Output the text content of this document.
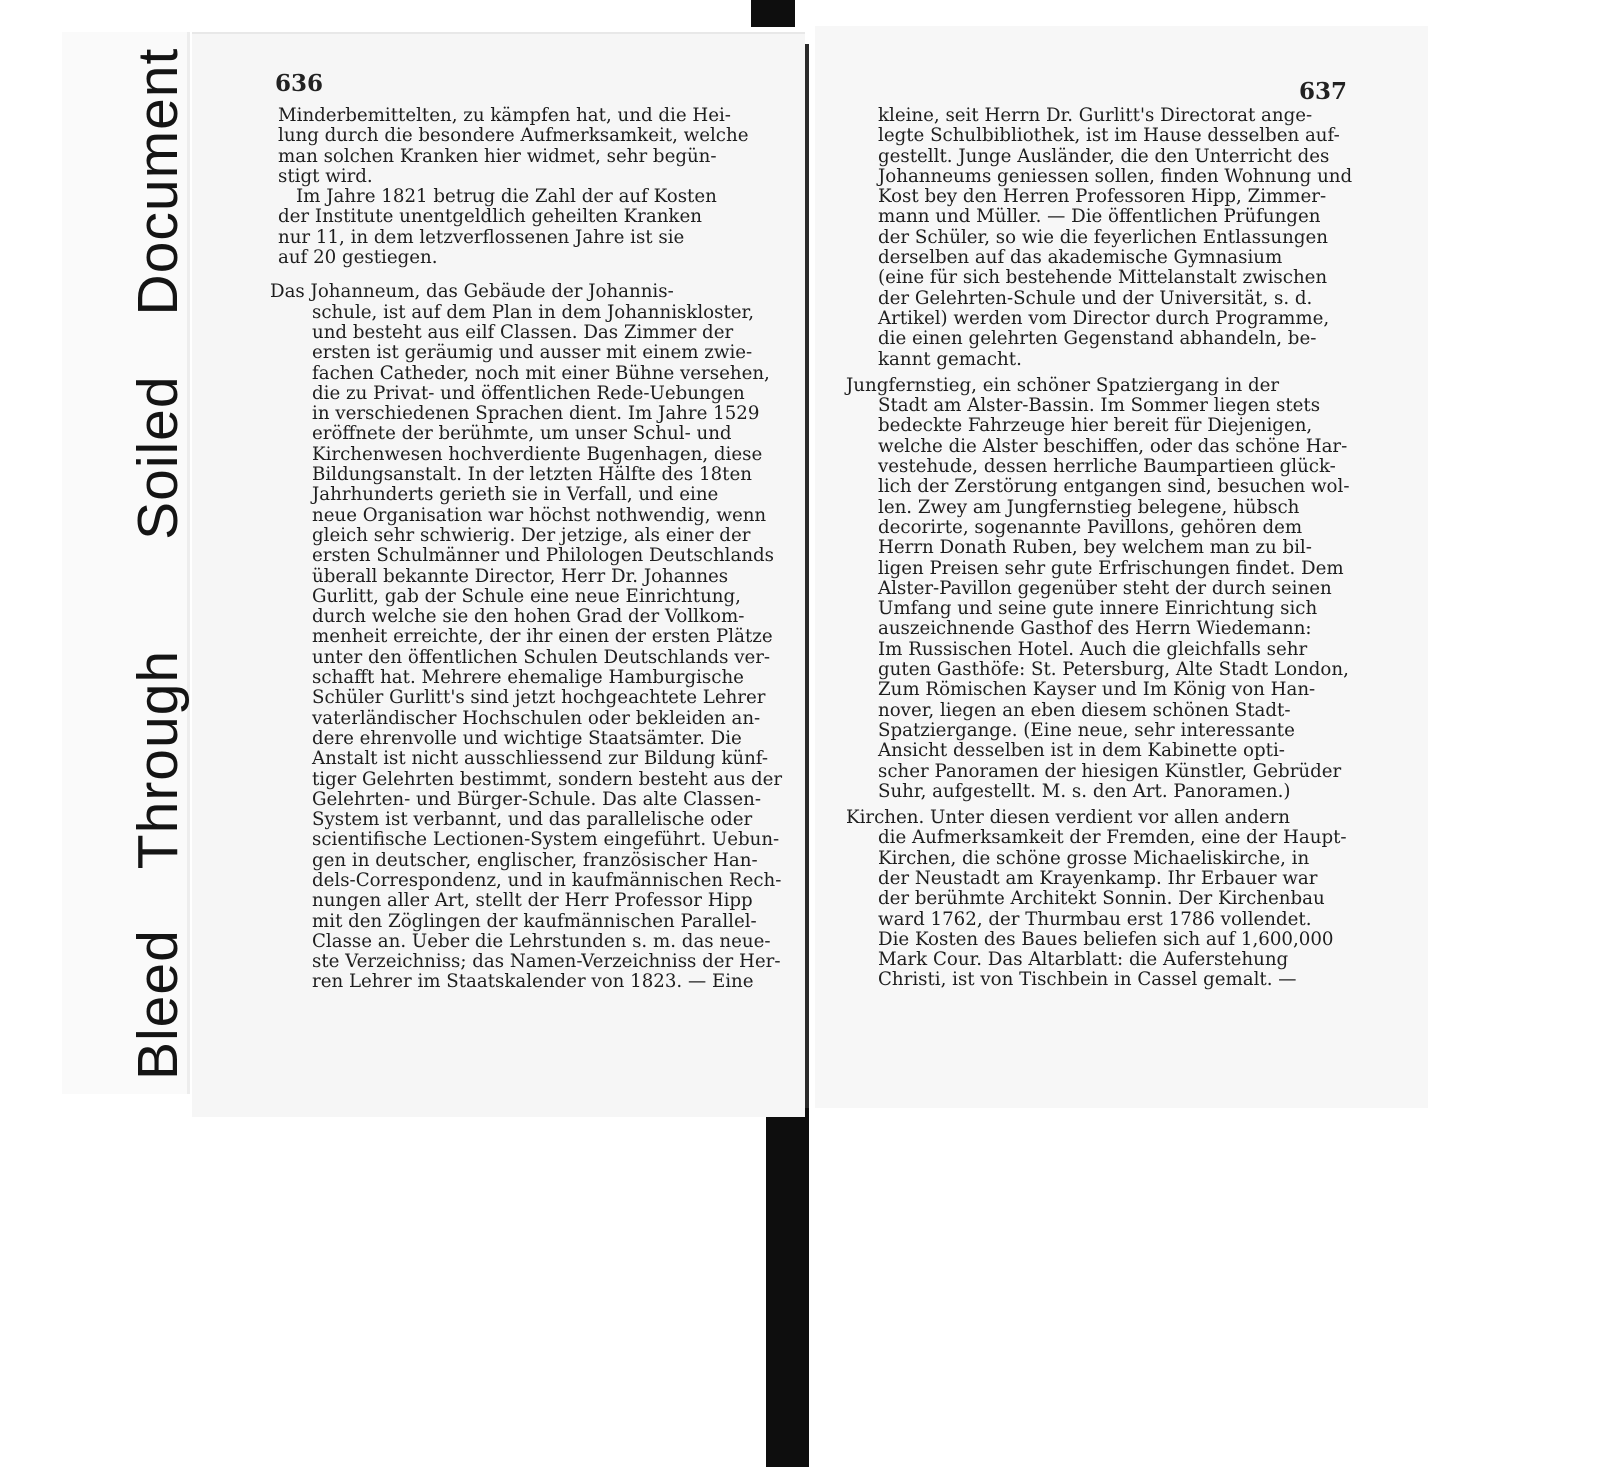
BleedThroughSoiledDocument	636	637
Minderbemittelten, zu kämpfen hat, und die Hei-
lung durch die besondere Aufmerksamkeit, welche
man solchen Kranken hier widmet, sehr begün-
stigt wird.
Im Jahre 1821 betrug die Zahl der auf Kosten
der Institute unentgeldlich geheilten Kranken
nur 11, in dem letzverflossenen Jahre ist sie
auf 20 gestiegen.
Das Johanneum, das Gebäude der Johannis-
schule, ist auf dem Plan in dem Johanniskloster,
und besteht aus eilf Classen. Das Zimmer der
ersten ist geräumig und ausser mit einem zwie-
fachen Catheder, noch mit einer Bühne versehen,
die zu Privat- und öffentlichen Rede-Uebungen
in verschiedenen Sprachen dient. Im Jahre 1529
eröffnete der berühmte, um unser Schul- und
Kirchenwesen hochverdiente Bugenhagen, diese
Bildungsanstalt. In der letzten Hälfte des 18ten
Jahrhunderts gerieth sie in Verfall, und eine
neue Organisation war höchst nothwendig, wenn
gleich sehr schwierig. Der jetzige, als einer der
ersten Schulmänner und Philologen Deutschlands
überall bekannte Director, Herr Dr. Johannes
Gurlitt, gab der Schule eine neue Einrichtung,
durch welche sie den hohen Grad der Vollkom-
menheit erreichte, der ihr einen der ersten Plätze
unter den öffentlichen Schulen Deutschlands ver-
schafft hat. Mehrere ehemalige Hamburgische
Schüler Gurlitt's sind jetzt hochgeachtete Lehrer
vaterländischer Hochschulen oder bekleiden an-
dere ehrenvolle und wichtige Staatsämter. Die
Anstalt ist nicht ausschliessend zur Bildung künf-
tiger Gelehrten bestimmt, sondern besteht aus der
Gelehrten- und Bürger-Schule. Das alte Classen-
System ist verbannt, und das parallelische oder
scientifische Lectionen-System eingeführt. Uebun-
gen in deutscher, englischer, französischer Han-
dels-Correspondenz, und in kaufmännischen Rech-
nungen aller Art, stellt der Herr Professor Hipp
mit den Zöglingen der kaufmännischen Parallel-
Classe an. Ueber die Lehrstunden s. m. das neue-
ste Verzeichniss; das Namen-Verzeichniss der Her-
ren Lehrer im Staatskalender von 1823. — Eine
kleine, seit Herrn Dr. Gurlitt's Directorat ange-
legte Schulbibliothek, ist im Hause desselben auf-
gestellt. Junge Ausländer, die den Unterricht des
Johanneums geniessen sollen, finden Wohnung und
Kost bey den Herren Professoren Hipp, Zimmer-
mann und Müller. — Die öffentlichen Prüfungen
der Schüler, so wie die feyerlichen Entlassungen
derselben auf das akademische Gymnasium
(eine für sich bestehende Mittelanstalt zwischen
der Gelehrten-Schule und der Universität, s. d.
Artikel) werden vom Director durch Programme,
die einen gelehrten Gegenstand abhandeln, be-
kannt gemacht.
Jungfernstieg, ein schöner Spatziergang in der
Stadt am Alster-Bassin. Im Sommer liegen stets
bedeckte Fahrzeuge hier bereit für Diejenigen,
welche die Alster beschiffen, oder das schöne Har-
vestehude, dessen herrliche Baumpartieen glück-
lich der Zerstörung entgangen sind, besuchen wol-
len. Zwey am Jungfernstieg belegene, hübsch
decorirte, sogenannte Pavillons, gehören dem
Herrn Donath Ruben, bey welchem man zu bil-
ligen Preisen sehr gute Erfrischungen findet. Dem
Alster-Pavillon gegenüber steht der durch seinen
Umfang und seine gute innere Einrichtung sich
auszeichnende Gasthof des Herrn Wiedemann:
Im Russischen Hotel. Auch die gleichfalls sehr
guten Gasthöfe: St. Petersburg, Alte Stadt London,
Zum Römischen Kayser und Im König von Han-
nover, liegen an eben diesem schönen Stadt-
Spatziergange. (Eine neue, sehr interessante
Ansicht desselben ist in dem Kabinette opti-
scher Panoramen der hiesigen Künstler, Gebrüder
Suhr, aufgestellt. M. s. den Art. Panoramen.)
Kirchen. Unter diesen verdient vor allen andern
die Aufmerksamkeit der Fremden, eine der Haupt-
Kirchen, die schöne grosse Michaeliskirche, in
der Neustadt am Krayenkamp. Ihr Erbauer war
der berühmte Architekt Sonnin. Der Kirchenbau
ward 1762, der Thurmbau erst 1786 vollendet.
Die Kosten des Baues beliefen sich auf 1,600,000
Mark Cour. Das Altarblatt: die Auferstehung
Christi, ist von Tischbein in Cassel gemalt. —
